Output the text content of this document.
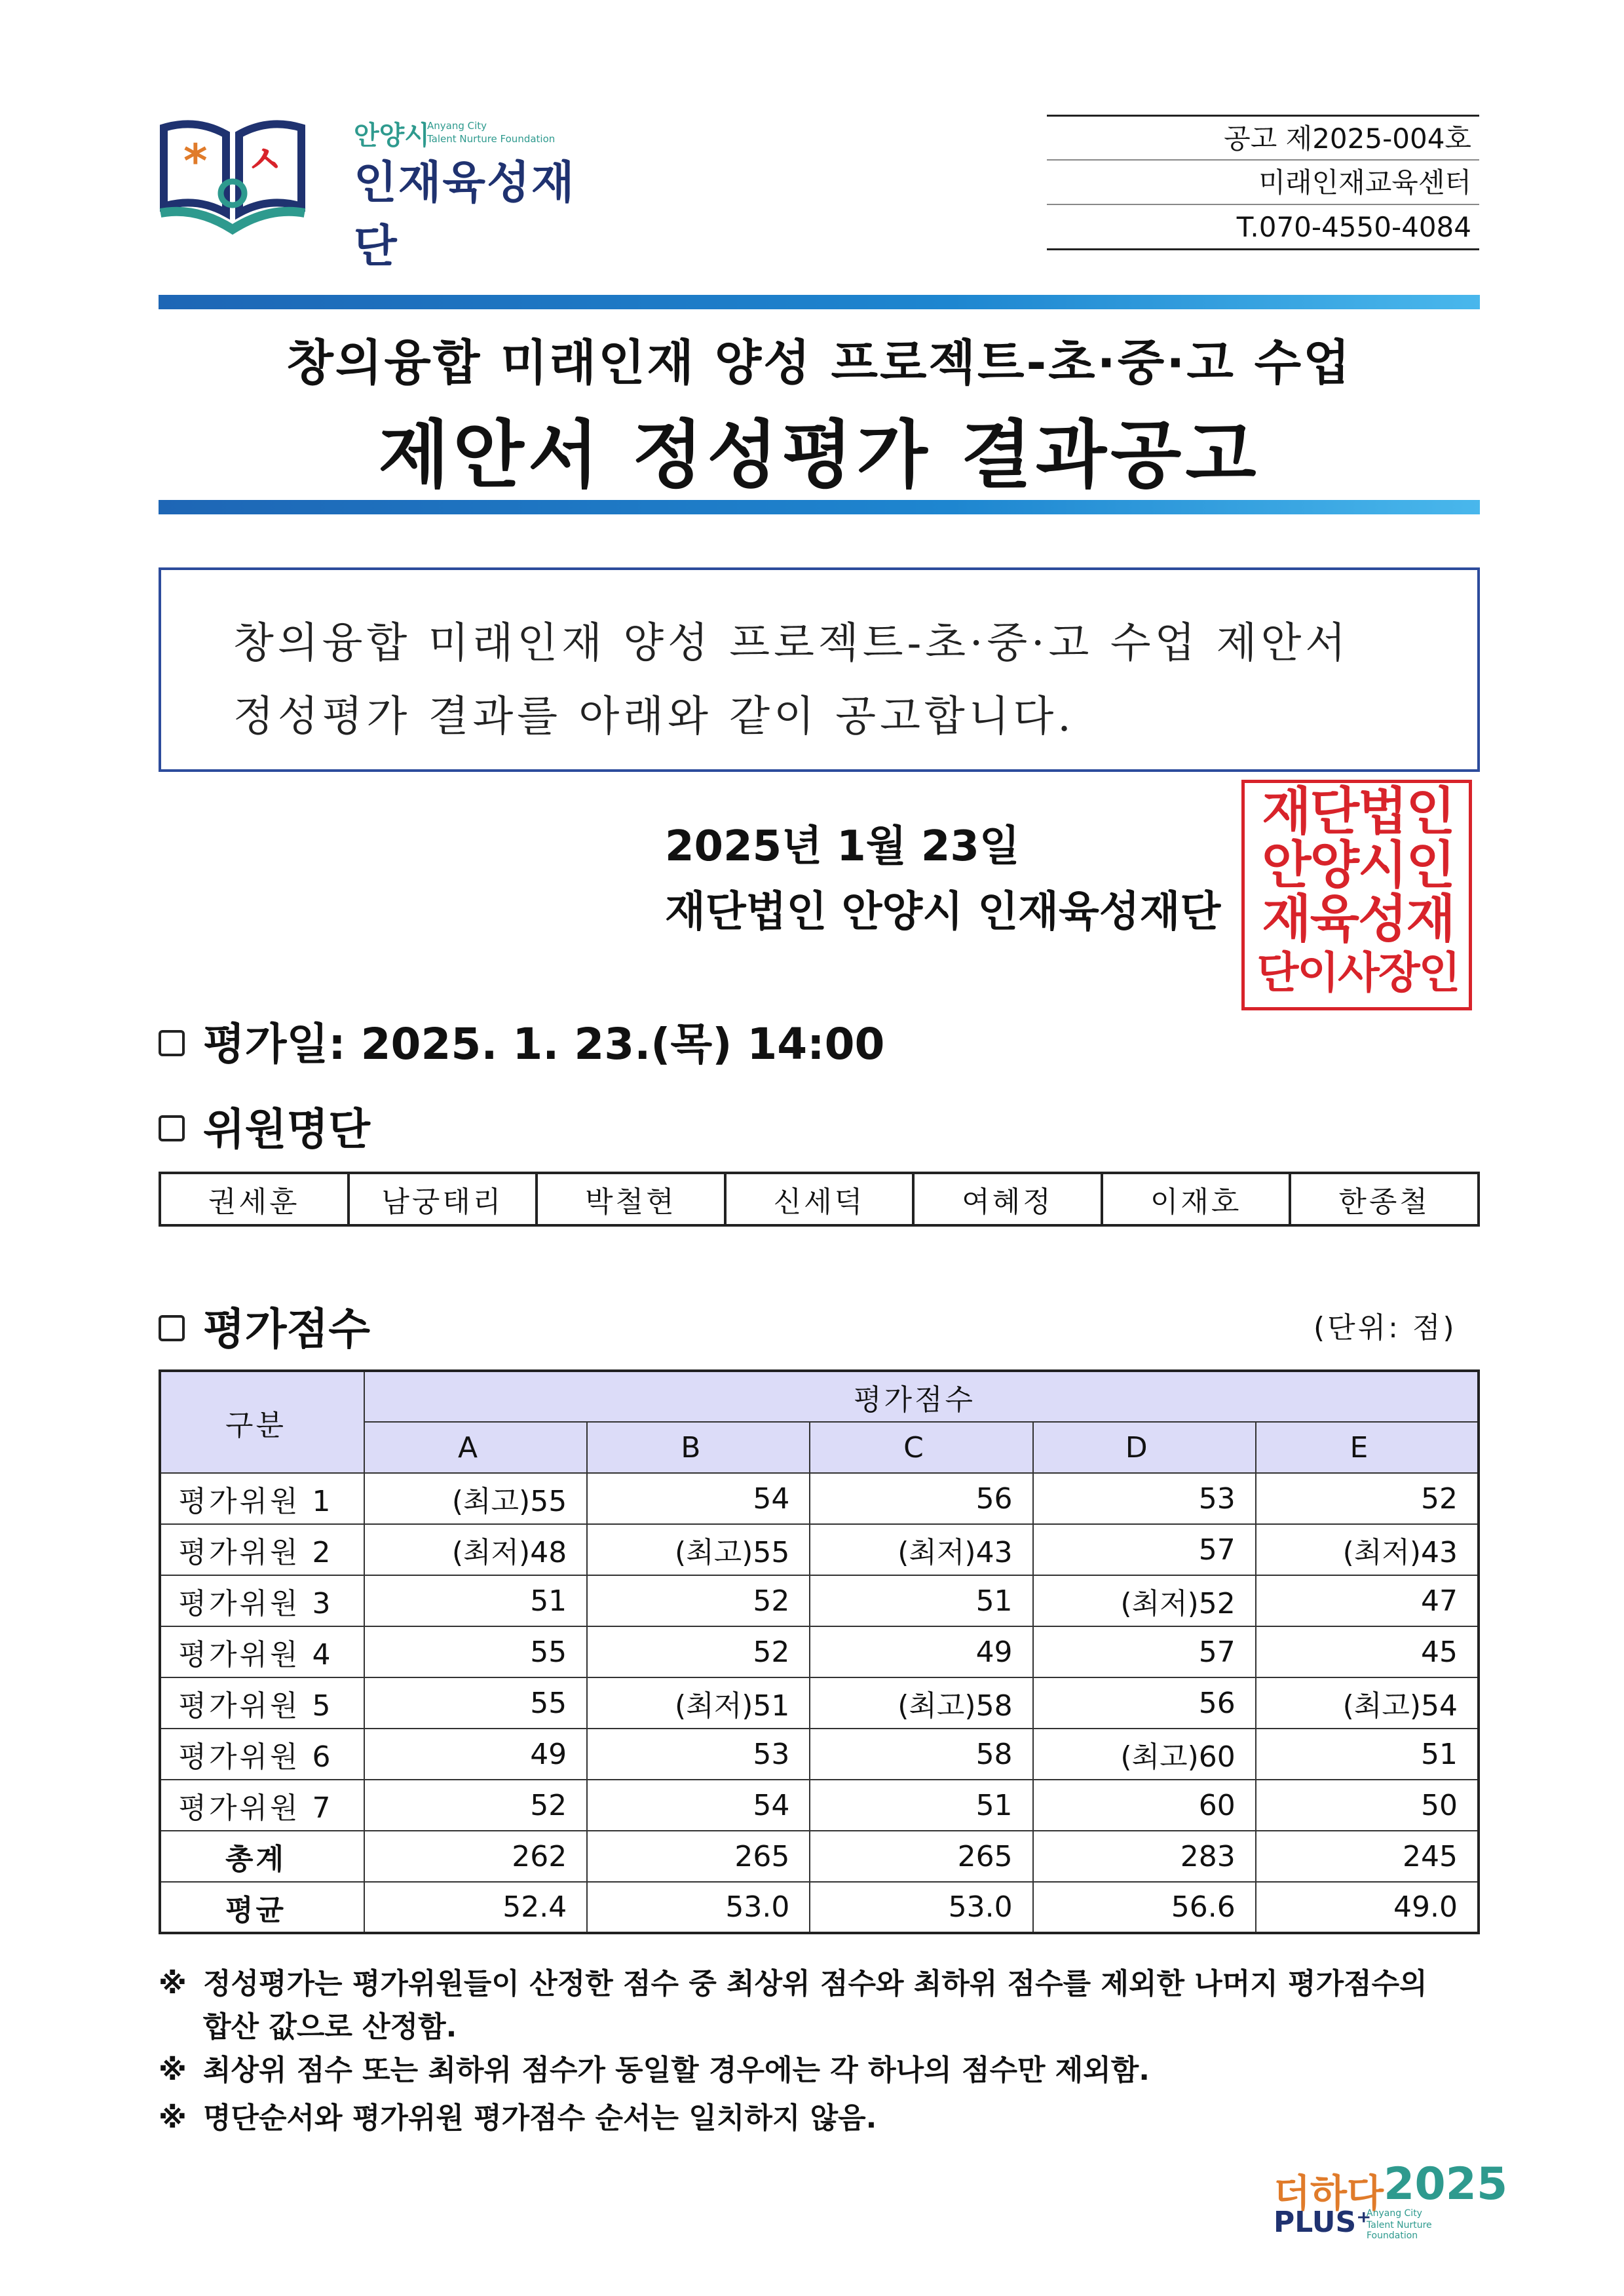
* ㅅ
안양시
Anyang City
Talent Nurture Foundation
인재육성재단
공고 제2025-004호
미래인재교육센터
T.070-4550-4084
창의융합 미래인재 양성 프로젝트-초·중·고 수업
제안서 정성평가 결과공고
창의융합 미래인재 양성 프로젝트-초·중·고 수업 제안서
정성평가 결과를 아래와 같이 공고합니다.
2025년 1월 23일
재단법인 안양시 인재육성재단
재단법인
안양시인
재육성재
단이사장인
평가일: 2025. 1. 23.(목) 14:00
위원명단
권세훈	남궁태리	박철현	신세덕	여혜정	이재호	한종철
평가점수	(단위: 점)
구분	평가점수				
	A	B	C	D	E
평가위원 1	(최고)55	54	56	53	52
평가위원 2	(최저)48	(최고)55	(최저)43	57	(최저)43
평가위원 3	51	52	51	(최저)52	47
평가위원 4	55	52	49	57	45
평가위원 5	55	(최저)51	(최고)58	56	(최고)54
평가위원 6	49	53	58	(최고)60	51
평가위원 7	52	54	51	60	50
총계	262	265	265	283	245
평균	52.4	53.0	53.0	56.6	49.0
※ 정성평가는 평가위원들이 산정한 점수 중 최상위 점수와 최하위 점수를 제외한 나머지 평가점수의
합산 값으로 산정함.
※ 최상위 점수 또는 최하위 점수가 동일할 경우에는 각 하나의 점수만 제외함.
※ 명단순서와 평가위원 평가점수 순서는 일치하지 않음.
더하다 2025
PLUS⁺
Anyang City
Talent Nurture Foundation
